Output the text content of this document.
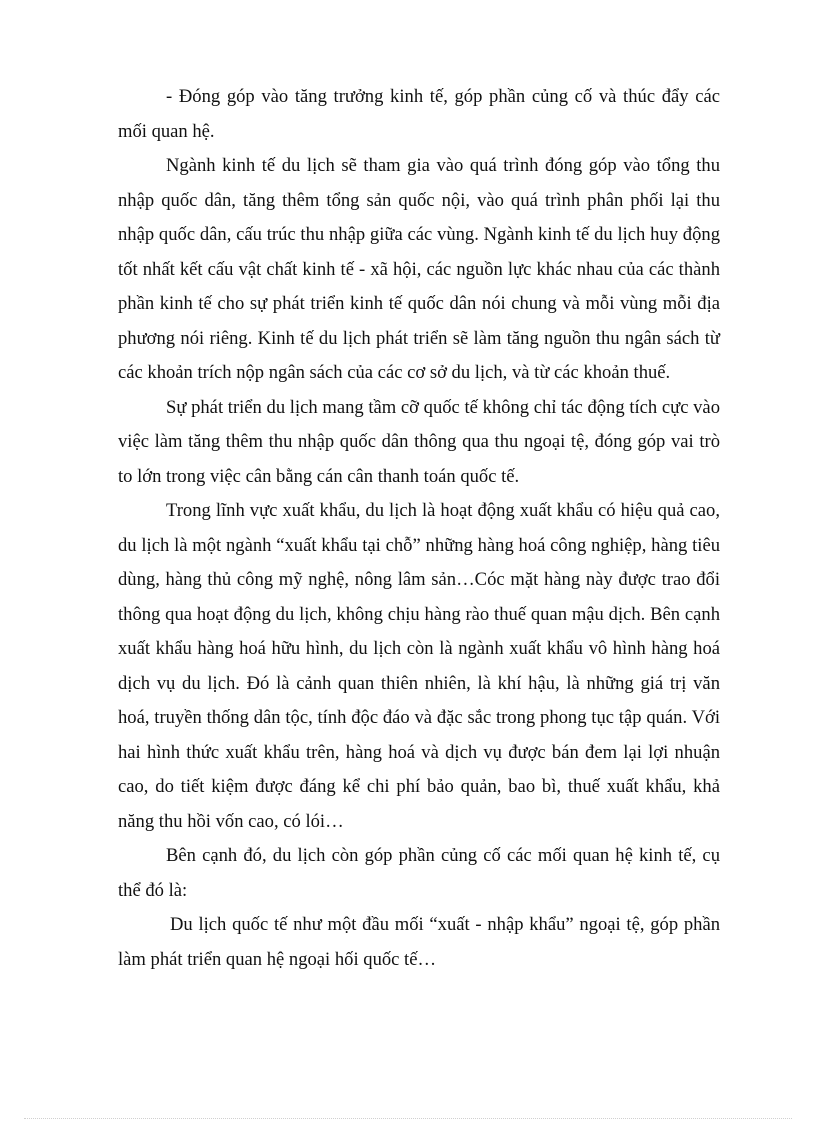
- Đóng góp vào tăng trưởng kinh tế, góp phần củng cố và thúc đẩy các mối quan hệ.

Ngành kinh tế du lịch sẽ tham gia vào quá trình đóng góp vào tổng thu nhập quốc dân, tăng thêm tổng sản quốc nội, vào quá trình phân phối lại thu nhập quốc dân, cấu trúc thu nhập giữa các vùng. Ngành kinh tế du lịch huy động tốt nhất kết cấu vật chất kinh tế - xã hội, các nguồn lực khác nhau của các thành phần kinh tế cho sự phát triển kinh tế quốc dân nói chung và mỗi vùng mỗi địa phương nói riêng. Kinh tế du lịch phát triển sẽ làm tăng nguồn thu ngân sách từ các khoản trích nộp ngân sách của các cơ sở du lịch, và từ các khoản thuế.

Sự phát triển du lịch mang tầm cỡ quốc tế không chỉ tác động tích cực vào việc làm tăng thêm thu nhập quốc dân thông qua thu ngoại tệ, đóng góp vai trò to lớn trong việc cân bằng cán cân thanh toán quốc tế.

Trong lĩnh vực xuất khẩu, du lịch là hoạt động xuất khẩu có hiệu quả cao, du lịch là một ngành “xuất khẩu tại chỗ” những hàng hoá công nghiệp, hàng tiêu dùng, hàng thủ công mỹ nghệ, nông lâm sản…Cóc mặt hàng này được trao đổi thông qua hoạt động du lịch, không chịu hàng rào thuế quan mậu dịch. Bên cạnh xuất khẩu hàng hoá hữu hình, du lịch còn là ngành xuất khẩu vô hình hàng hoá dịch vụ du lịch. Đó là cảnh quan thiên nhiên, là khí hậu, là những giá trị văn hoá, truyền thống dân tộc, tính độc đáo và đặc sắc trong phong tục tập quán. Với hai hình thức xuất khẩu trên, hàng hoá và dịch vụ được bán đem lại lợi nhuận cao, do tiết kiệm được đáng kể chi phí bảo quản, bao bì, thuế xuất khẩu, khả năng thu hồi vốn cao, có lói…

Bên cạnh đó, du lịch còn góp phần củng cố các mối quan hệ kinh tế, cụ thể đó là:

Du lịch quốc tế như một đầu mối “xuất - nhập khẩu” ngoại tệ, góp phần làm phát triển quan hệ ngoại hối quốc tế…
